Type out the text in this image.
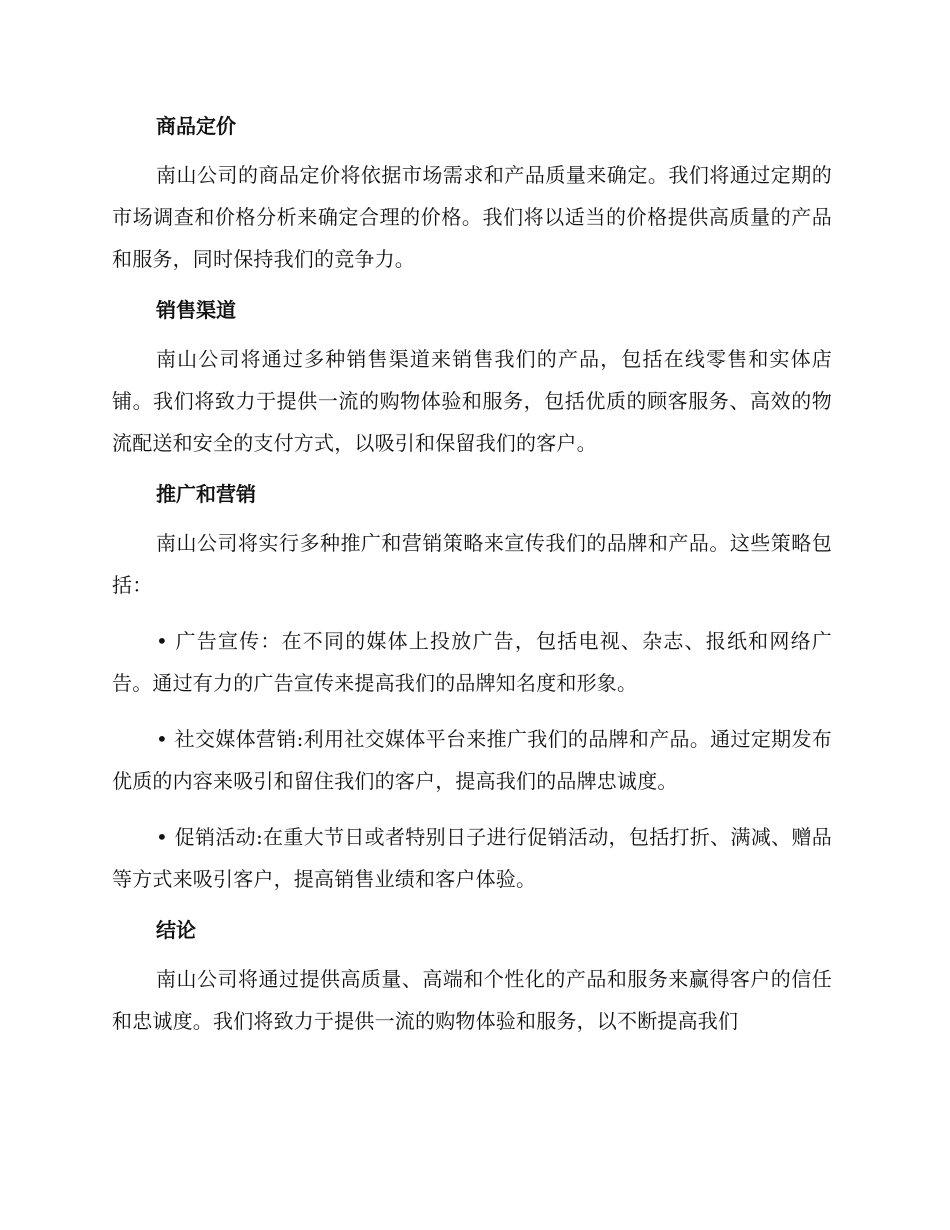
商品定价

南山公司的商品定价将依据市场需求和产品质量来确定。我们将通过定期的市场调查和价格分析来确定合理的价格。我们将以适当的价格提供高质量的产品和服务，同时保持我们的竞争力。

销售渠道

南山公司将通过多种销售渠道来销售我们的产品，包括在线零售和实体店铺。我们将致力于提供一流的购物体验和服务，包括优质的顾客服务、高效的物流配送和安全的支付方式，以吸引和保留我们的客户。

推广和营销

南山公司将实行多种推广和营销策略来宣传我们的品牌和产品。这些策略包括：

• 广告宣传：在不同的媒体上投放广告，包括电视、杂志、报纸和网络广告。通过有力的广告宣传来提高我们的品牌知名度和形象。

• 社交媒体营销:利用社交媒体平台来推广我们的品牌和产品。通过定期发布优质的内容来吸引和留住我们的客户，提高我们的品牌忠诚度。

• 促销活动:在重大节日或者特别日子进行促销活动，包括打折、满减、赠品等方式来吸引客户，提高销售业绩和客户体验。

结论

南山公司将通过提供高质量、高端和个性化的产品和服务来赢得客户的信任和忠诚度。我们将致力于提供一流的购物体验和服务，以不断提高我们
